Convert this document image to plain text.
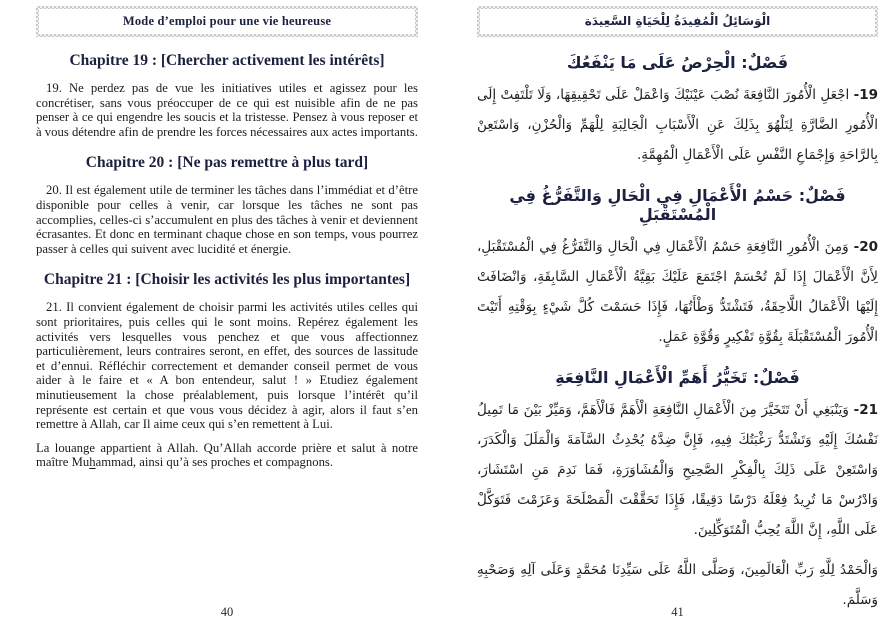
Mode d’emploi pour une vie heureuse
Chapitre 19 : [Chercher activement les intérêts]

19. Ne perdez pas de vue les initiatives utiles et agissez pour les concrétiser, sans vous préoccuper de ce qui est nuisible afin de ne pas penser à ce qui engendre les soucis et la tristesse. Pensez à vous reposer et à vous détendre afin de prendre les forces nécessaires aux actes importants.

Chapitre 20 : [Ne pas remettre à plus tard]

20. Il est également utile de terminer les tâches dans l’immédiat et d’être disponible pour celles à venir, car lorsque les tâches ne sont pas accomplies, celles-ci s’accumulent en plus des tâches à venir et deviennent écrasantes. Et donc en terminant chaque chose en son temps, vous pourrez passer à celles qui suivent avec lucidité et énergie.

Chapitre 21 : [Choisir les activités les plus importantes]

21. Il convient également de choisir parmi les activités utiles celles qui sont prioritaires, puis celles qui le sont moins. Repérez également les activités vers lesquelles vous penchez et que vous affectionnez particulièrement, leurs contraires seront, en effet, des sources de lassitude et d’ennui. Réfléchir correctement et demander conseil permet de vous aider à le faire et « A bon entendeur, salut ! » Etudiez également minutieusement la chose préalablement, puis lorsque l’intérêt qu’il représente est certain et que vous vous décidez à agir, alors il faut s’en remettre à Allah, car Il aime ceux qui s’en remettent à Lui.

La louange appartient à Allah. Qu’Allah accorde prière et salut à notre maître Muhammad, ainsi qu’à ses proches et compagnons.

40
الْوَسَائِلُ الْمُفِيدَةُ لِلْحَيَاةِ السَّعِيدَة
فَصْلٌ: الْحِرْصُ عَلَى مَا يَنْفَعُكَ

19- اجْعَلِ الْأُمُورَ النَّافِعَةَ نُصْبَ عَيْنَيْكَ وَاعْمَلْ عَلَى تَحْقِيقِهَا، وَلَا تَلْتَفِتْ إِلَى الْأُمُورِ الضَّارَّةِ لِتَلْهُوَ بِذَلِكَ عَنِ الْأَسْبَابِ الْجَالِبَةِ لِلْهَمِّ وَالْحُزْنِ، وَاسْتَعِنْ بِالرَّاحَةِ وَإِجْمَاعِ النَّفْسِ عَلَى الْأَعْمَالِ الْمُهِمَّةِ.

فَصْلٌ: حَسْمُ الْأَعْمَالِ فِي الْحَالِ وَالتَّفَرُّغُ فِي الْمُسْتَقْبَلِ

20- وَمِنَ الْأُمُورِ النَّافِعَةِ حَسْمُ الْأَعْمَالِ فِي الْحَالِ وَالتَّفَرُّغُ فِي الْمُسْتَقْبَلِ، لِأَنَّ الْأَعْمَالَ إِذَا لَمْ تُحْسَمْ اجْتَمَعَ عَلَيْكَ بَقِيَّةُ الْأَعْمَالِ السَّابِقَةِ، وَانْضَافَتْ إِلَيْهَا الْأَعْمَالُ اللَّاحِقَةُ، فَتَشْتَدُّ وَطْأَتُهَا، فَإِذَا حَسَمْتَ كُلَّ شَيْءٍ بِوَقْتِهِ أَتَيْتَ الْأُمُورَ الْمُسْتَقْبَلَةَ بِقُوَّةِ تَفْكِيرٍ وَقُوَّةِ عَمَلٍ.

فَصْلٌ: تَخَيُّرُ أَهَمِّ الْأَعْمَالِ النَّافِعَةِ

21- وَيَنْبَغِي أَنْ تَتَخَيَّرَ مِنَ الْأَعْمَالِ النَّافِعَةِ الْأَهَمَّ فَالْأَهَمَّ، وَمَيِّزْ بَيْنَ مَا تَمِيلُ نَفْسُكَ إِلَيْهِ وَتَشْتَدُّ رَغْبَتُكَ فِيهِ، فَإِنَّ ضِدَّهُ يُحْدِثُ السَّآمَةَ وَالْمَلَلَ وَالْكَدَرَ، وَاسْتَعِنْ عَلَى ذَلِكَ بِالْفِكْرِ الصَّحِيحِ وَالْمُشَاوَرَةِ، فَمَا نَدِمَ مَنِ اسْتَشَارَ، وَادْرُسْ مَا تُرِيدُ فِعْلَهُ دَرْسًا دَقِيقًا، فَإِذَا تَحَقَّقْتَ الْمَصْلَحَةَ وَعَزَمْتَ فَتَوَكَّلْ عَلَى اللَّهِ، إِنَّ اللَّهَ يُحِبُّ الْمُتَوَكِّلِينَ.

وَالْحَمْدُ لِلَّهِ رَبِّ الْعَالَمِينَ، وَصَلَّى اللَّهُ عَلَى سَيِّدِنَا مُحَمَّدٍ وَعَلَى آلِهِ وَصَحْبِهِ وَسَلَّمَ.

41
